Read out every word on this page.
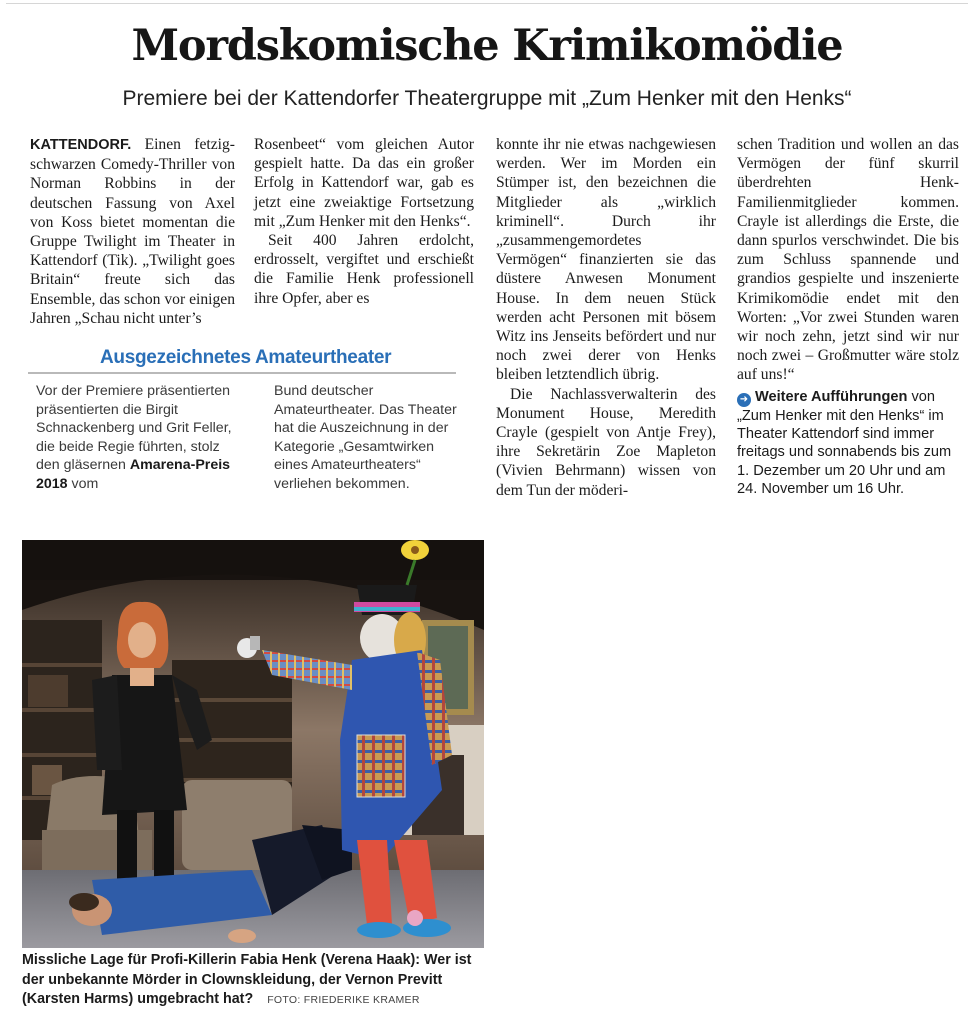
Mordskomische Krimikomödie
Premiere bei der Kattendorfer Theatergruppe mit „Zum Henker mit den Henks“

KATTENDORF. Einen fetzig-schwarzen Comedy-Thriller von Norman Robbins in der deutschen Fassung von Axel von Koss bietet momentan die Gruppe Twilight im Theater in Kattendorf (Tik). „Twilight goes Britain“ freute sich das Ensemble, das schon vor einigen Jahren „Schau nicht unter’s

Rosenbeet“ vom gleichen Autor gespielt hatte. Da das ein großer Erfolg in Kattendorf war, gab es jetzt eine zweiaktige Fortsetzung mit „Zum Henker mit den Henks“.

Seit 400 Jahren erdolcht, erdrosselt, vergiftet und erschießt die Familie Henk professionell ihre Opfer, aber es

konnte ihr nie etwas nachgewiesen werden. Wer im Morden ein Stümper ist, den bezeichnen die Mitglieder als „wirklich kriminell“. Durch ihr „zusammengemordetes Vermögen“ finanzierten sie das düstere Anwesen Monument House. In dem neuen Stück werden acht Personen mit bösem Witz ins Jenseits befördert und nur noch zwei derer von Henks bleiben letztendlich übrig.

Die Nachlassverwalterin des Monument House, Meredith Crayle (gespielt von Antje Frey), ihre Sekretärin Zoe Mapleton (Vivien Behrmann) wissen von dem Tun der möderi-

schen Tradition und wollen an das Vermögen der fünf skurril überdrehten Henk-Familienmitglieder kommen. Crayle ist allerdings die Erste, die dann spurlos verschwindet. Die bis zum Schluss spannende und grandios gespielte und inszenierte Krimikomödie endet mit den Worten: „Vor zwei Stunden waren wir noch zehn, jetzt sind wir nur noch zwei – Großmutter wäre stolz auf uns!“

➜ Weitere Aufführungen von „Zum Henker mit den Henks“ im Theater Kattendorf sind immer freitags und sonnabends bis zum 1. Dezember um 20 Uhr und am 24. November um 16 Uhr.
Ausgezeichnetes Amateurtheater
Vor der Premiere präsentierten präsentierten die Birgit Schnackenberg und Grit Feller, die beide Regie führten, stolz den gläsernen Amarena-Preis 2018 vom
Bund deutscher Amateurtheater. Das Theater hat die Auszeichnung in der Kategorie „Gesamtwirken eines Amateurtheaters“ verliehen bekommen.
Missliche Lage für Profi-Killerin Fabia Henk (Verena Haak): Wer ist der unbekannte Mörder in Clownskleidung, der Vernon Previtt (Karsten Harms) umgebracht hat? FOTO: FRIEDERIKE KRAMER
